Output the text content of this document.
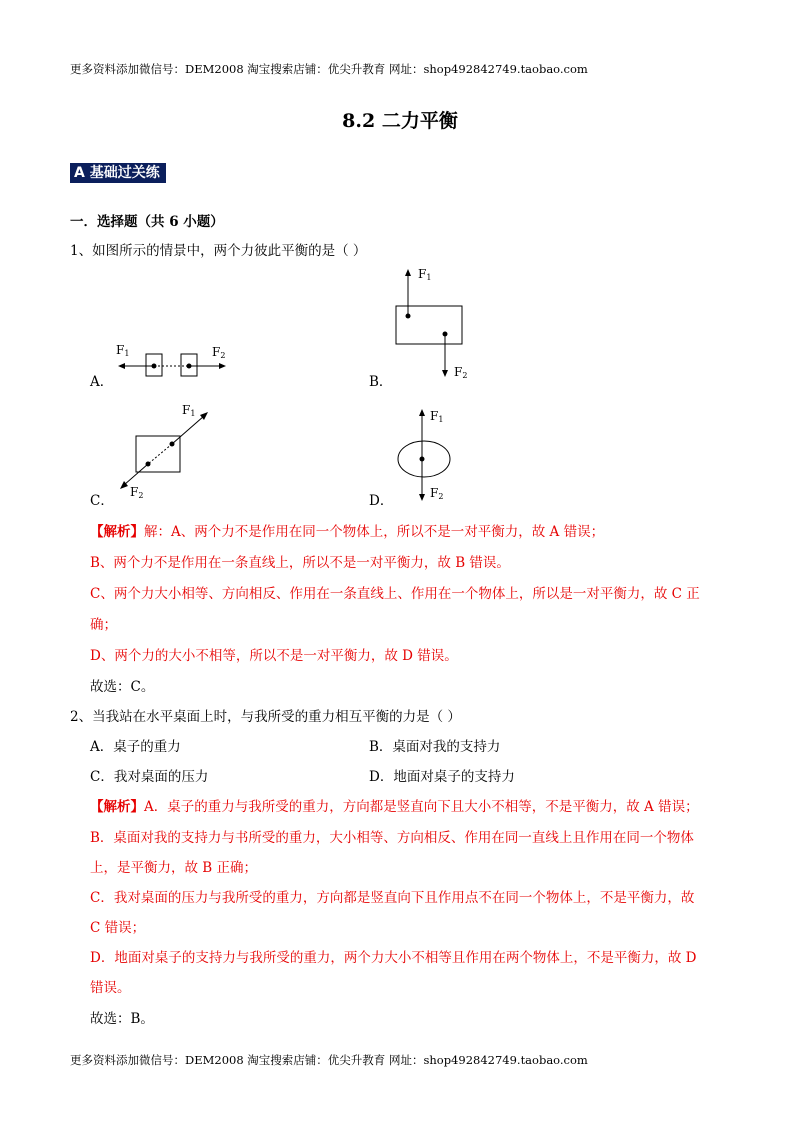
更多资料添加微信号：DEM2008 淘宝搜索店铺：优尖升教育 网址：shop492842749.taobao.com
8.2 二力平衡
A 基础过关练
一．选择题（共 6 小题）
1、如图所示的情景中，两个力彼此平衡的是（ ）
A．
F1	F2
B．
F1
F2
C．
F1
F2	D．
F1
F2
【解析】解：A、两个力不是作用在同一个物体上，所以不是一对平衡力，故 A 错误；
B、两个力不是作用在一条直线上，所以不是一对平衡力，故 B 错误。
C、两个力大小相等、方向相反、作用在一条直线上、作用在一个物体上，所以是一对平衡力，故 C 正
确；
D、两个力的大小不相等，所以不是一对平衡力，故 D 错误。
故选：C。
2、当我站在水平桌面上时，与我所受的重力相互平衡的力是（ ）
A．桌子的重力	B．桌面对我的支持力
C．我对桌面的压力	D．地面对桌子的支持力
【解析】A．桌子的重力与我所受的重力，方向都是竖直向下且大小不相等，不是平衡力，故 A 错误；
B．桌面对我的支持力与书所受的重力，大小相等、方向相反、作用在同一直线上且作用在同一个物体
上，是平衡力，故 B 正确；
C．我对桌面的压力与我所受的重力，方向都是竖直向下且作用点不在同一个物体上，不是平衡力，故
C 错误；
D．地面对桌子的支持力与我所受的重力，两个力大小不相等且作用在两个物体上，不是平衡力，故 D
错误。
故选：B。
更多资料添加微信号：DEM2008 淘宝搜索店铺：优尖升教育 网址：shop492842749.taobao.com
